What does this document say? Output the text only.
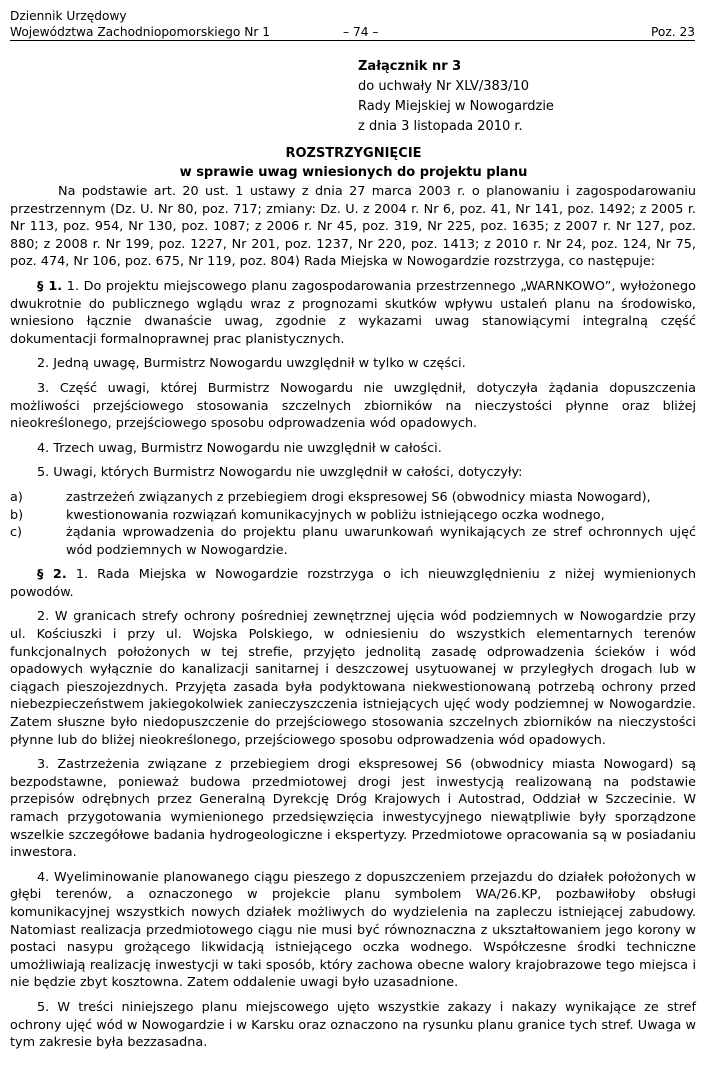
Dziennik Urzędowy
Województwa Zachodniopomorskiego Nr 1	– 74 –	Poz. 23
Załącznik nr 3
do uchwały Nr XLV/383/10
Rady Miejskiej w Nowogardzie
z dnia 3 listopada 2010 r.
ROZSTRZYGNIĘCIE
w sprawie uwag wniesionych do projektu planu

Na podstawie art. 20 ust. 1 ustawy z dnia 27 marca 2003 r. o planowaniu i zagospodarowaniu przestrzennym (Dz. U. Nr 80, poz. 717; zmiany: Dz. U. z 2004 r. Nr 6, poz. 41, Nr 141, poz. 1492; z 2005 r. Nr 113, poz. 954, Nr 130, poz. 1087; z 2006 r. Nr 45, poz. 319, Nr 225, poz. 1635; z 2007 r. Nr 127, poz. 880; z 2008 r. Nr 199, poz. 1227, Nr 201, poz. 1237, Nr 220, poz. 1413; z 2010 r. Nr 24, poz. 124, Nr 75, poz. 474, Nr 106, poz. 675, Nr 119, poz. 804) Rada Miejska w Nowogardzie rozstrzyga, co następuje:

§ 1. 1. Do projektu miejscowego planu zagospodarowania przestrzennego „WARNKOWO”, wyłożonego dwukrotnie do publicznego wglądu wraz z prognozami skutków wpływu ustaleń planu na środowisko, wniesiono łącznie dwanaście uwag, zgodnie z wykazami uwag stanowiącymi integralną część dokumentacji formalnoprawnej prac planistycznych.

2. Jedną uwagę, Burmistrz Nowogardu uwzględnił w tylko w części.

3. Część uwagi, której Burmistrz Nowogardu nie uwzględnił, dotyczyła żądania dopuszczenia możliwości przejściowego stosowania szczelnych zbiorników na nieczystości płynne oraz bliżej nieokreślonego, przejściowego sposobu odprowadzenia wód opadowych.

4. Trzech uwag, Burmistrz Nowogardu nie uwzględnił w całości.

5. Uwagi, których Burmistrz Nowogardu nie uwzględnił w całości, dotyczyły:

a)	zastrzeżeń związanych z przebiegiem drogi ekspresowej S6 (obwodnicy miasta Nowogard),
b)	kwestionowania rozwiązań komunikacyjnych w pobliżu istniejącego oczka wodnego,
c)	żądania wprowadzenia do projektu planu uwarunkowań wynikających ze stref ochronnych ujęć wód podziemnych w Nowogardzie.

§ 2. 1. Rada Miejska w Nowogardzie rozstrzyga o ich nieuwzględnieniu z niżej wymienionych powodów.

2. W granicach strefy ochrony pośredniej zewnętrznej ujęcia wód podziemnych w Nowogardzie przy ul. Kościuszki i przy ul. Wojska Polskiego, w odniesieniu do wszystkich elementarnych terenów funkcjonalnych położonych w tej strefie, przyjęto jednolitą zasadę odprowadzenia ścieków i wód opadowych wyłącznie do kanalizacji sanitarnej i deszczowej usytuowanej w przyległych drogach lub w ciągach pieszojezdnych. Przyjęta zasada była podyktowana niekwestionowaną potrzebą ochrony przed niebezpieczeństwem jakiegokolwiek zanieczyszczenia istniejących ujęć wody podziemnej w Nowogardzie. Zatem słuszne było niedopuszczenie do przejściowego stosowania szczelnych zbiorników na nieczystości płynne lub do bliżej nieokreślonego, przejściowego sposobu odprowadzenia wód opadowych.

3. Zastrzeżenia związane z przebiegiem drogi ekspresowej S6 (obwodnicy miasta Nowogard) są bezpodstawne, ponieważ budowa przedmiotowej drogi jest inwestycją realizowaną na podstawie przepisów odrębnych przez Generalną Dyrekcję Dróg Krajowych i Autostrad, Oddział w Szczecinie. W ramach przygotowania wymienionego przedsięwzięcia inwestycyjnego niewątpliwie były sporządzone wszelkie szczegółowe badania hydrogeologiczne i ekspertyzy. Przedmiotowe opracowania są w posiadaniu inwestora.

4. Wyeliminowanie planowanego ciągu pieszego z dopuszczeniem przejazdu do działek położonych w głębi terenów, a oznaczonego w projekcie planu symbolem WA/26.KP, pozbawiłoby obsługi komunikacyjnej wszystkich nowych działek możliwych do wydzielenia na zapleczu istniejącej zabudowy. Natomiast realizacja przedmiotowego ciągu nie musi być równoznaczna z ukształtowaniem jego korony w postaci nasypu grożącego likwidacją istniejącego oczka wodnego. Współczesne środki techniczne umożliwiają realizację inwestycji w taki sposób, który zachowa obecne walory krajobrazowe tego miejsca i nie będzie zbyt kosztowna. Zatem oddalenie uwagi było uzasadnione.

5. W treści niniejszego planu miejscowego ujęto wszystkie zakazy i nakazy wynikające ze stref ochrony ujęć wód w Nowogardzie i w Karsku oraz oznaczono na rysunku planu granice tych stref. Uwaga w tym zakresie była bezzasadna.
